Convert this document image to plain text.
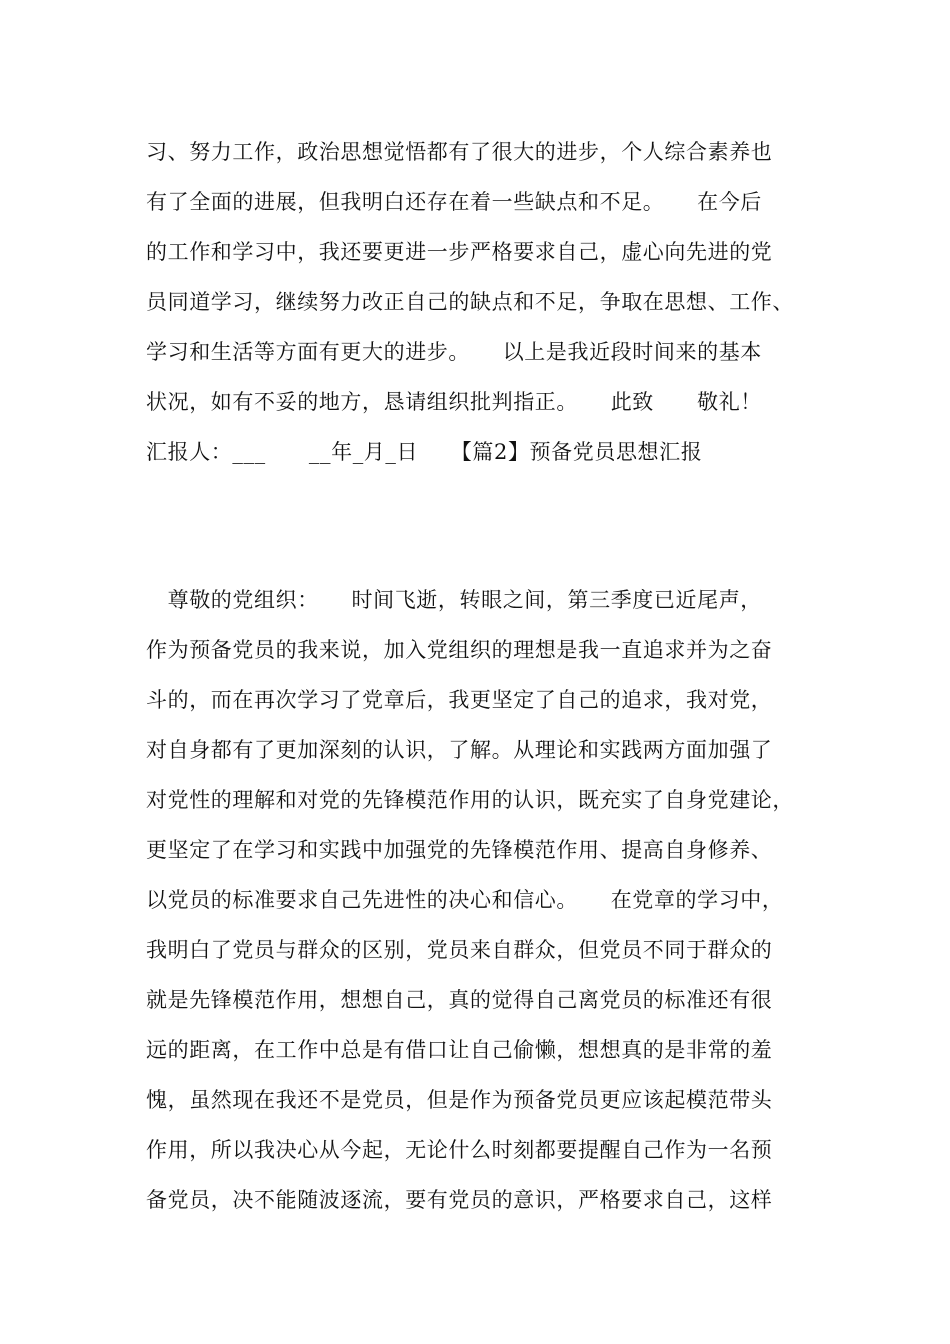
习、努力工作，政治思想觉悟都有了很大的进步，个人综合素养也
有了全面的进展，但我明白还存在着一些缺点和不足。　　在今后
的工作和学习中，我还要更进一步严格要求自己，虚心向先进的党
员同道学习，继续努力改正自己的缺点和不足，争取在思想、工作、
学习和生活等方面有更大的进步。　　以上是我近段时间来的基本
状况，如有不妥的地方，恳请组织批判指正。　　此致　　敬礼！
汇报人：___　　__年_月_日　　【篇2】预备党员思想汇报
　尊敬的党组织：　　时间飞逝，转眼之间，第三季度已近尾声，
作为预备党员的我来说，加入党组织的理想是我一直追求并为之奋
斗的，而在再次学习了党章后，我更坚定了自己的追求，我对党，
对自身都有了更加深刻的认识，了解。从理论和实践两方面加强了
对党性的理解和对党的先锋模范作用的认识，既充实了自身党建论，
更坚定了在学习和实践中加强党的先锋模范作用、提高自身修养、
以党员的标准要求自己先进性的决心和信心。　　在党章的学习中，
我明白了党员与群众的区别，党员来自群众，但党员不同于群众的
就是先锋模范作用，想想自己，真的觉得自己离党员的标准还有很
远的距离，在工作中总是有借口让自己偷懒，想想真的是非常的羞
愧，虽然现在我还不是党员，但是作为预备党员更应该起模范带头
作用，所以我决心从今起，无论什么时刻都要提醒自己作为一名预
备党员，决不能随波逐流，要有党员的意识，严格要求自己，这样
